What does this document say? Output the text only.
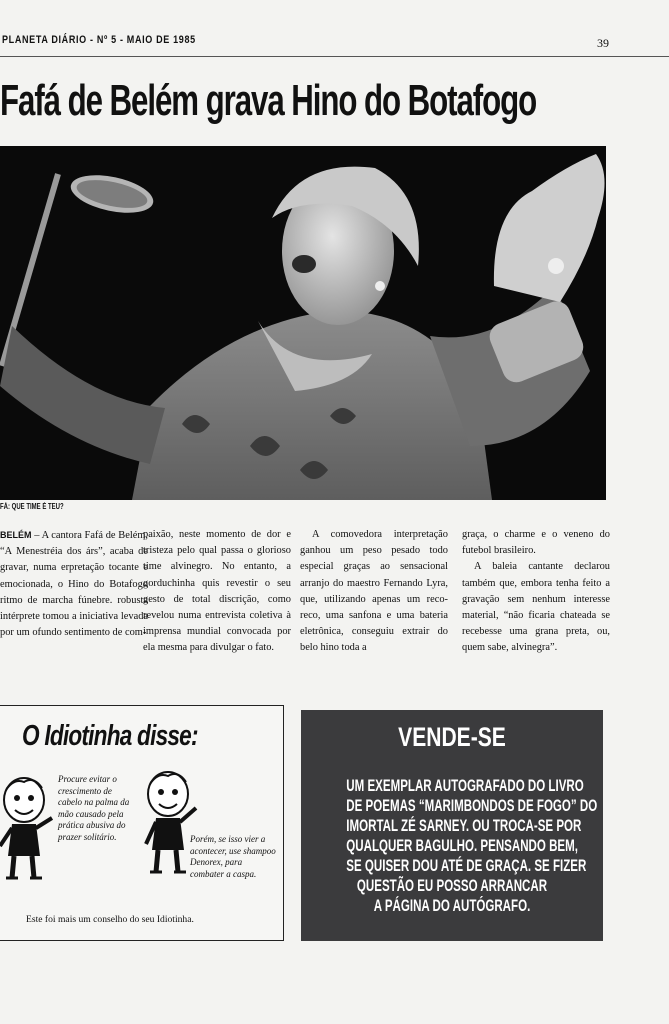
PLANETA DIÁRIO - Nº 5 - MAIO DE 1985	39
Fafá de Belém grava Hino do Botafogo
FÁ: QUE TIME É TEU?

BELÉM – A cantora Fafá de Belém, “A Menestréia dos árs”, acaba de gravar, numa erpretação tocante e emocionada, o Hino do Botafogo ritmo de marcha fúnebre. robusta intérprete tomou a iniciativa levada por um ofundo sentimento de com-

paixão, neste momento de dor e tristeza pelo qual passa o glorioso time alvinegro. No entanto, a gorduchinha quis revestir o seu gesto de total discrição, como revelou numa entrevista coletiva à imprensa mundial convocada por ela mesma para divulgar o fato.

A comovedora interpretação ganhou um peso pesado todo especial graças ao sensacional arranjo do maestro Fernando Lyra, que, utilizando apenas um reco-reco, uma sanfona e uma bateria eletrônica, conseguiu extrair do belo hino toda a

graça, o charme e o veneno do futebol brasileiro.

A baleia cantante declarou também que, embora tenha feito a gravação sem nenhum interesse material, “não ficaria chateada se recebesse uma grana preta, ou, quem sabe, alvinegra”.

O Idiotinha disse:
Procure evitar o crescimento de cabelo na palma da mão causado pela prática abusiva do prazer solitário.	Porém, se isso vier a acontecer, use shampoo Denorex, para combater a caspa.
Este foi mais um conselho do seu Idiotinha.
VENDE-SE
UM EXEMPLAR AUTOGRAFADO DO LIVRO
DE POEMAS “MARIMBONDOS DE FOGO” DO
IMORTAL ZÉ SARNEY. OU TROCA-SE POR
QUALQUER BAGULHO. PENSANDO BEM,
SE QUISER DOU ATÉ DE GRAÇA. SE FIZER
QUESTÃO EU POSSO ARRANCAR
A PÁGINA DO AUTÓGRAFO.
